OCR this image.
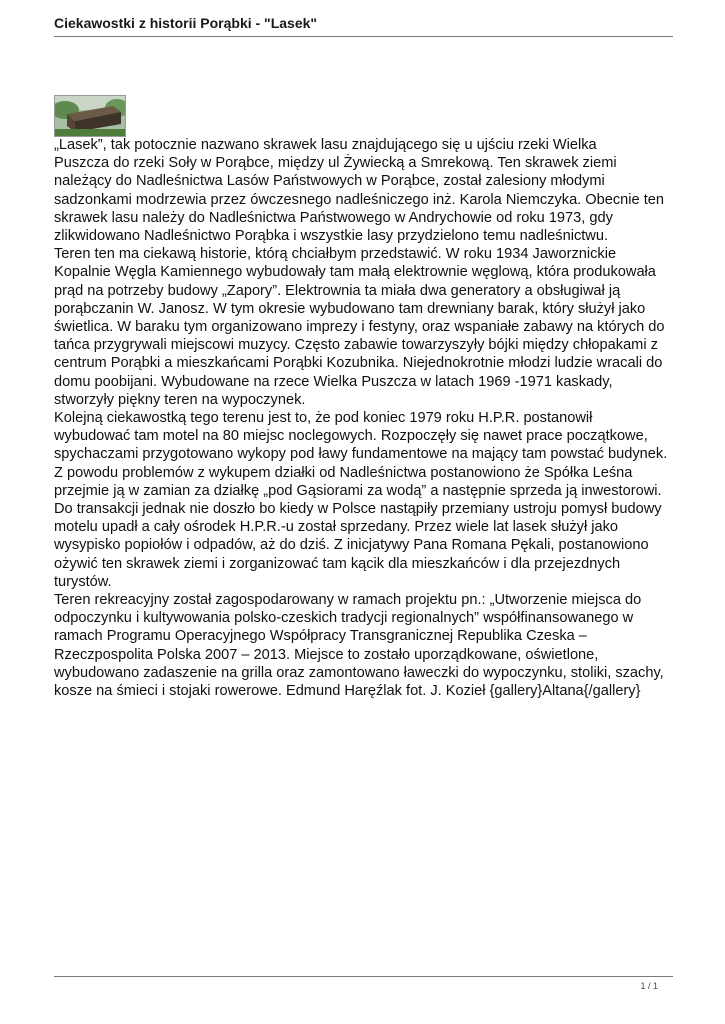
Ciekawostki z historii Porąbki - "Lasek"
„Lasek”, tak potocznie nazwano skrawek lasu znajdującego się u ujściu rzeki Wielka
Puszcza do rzeki Soły w Porąbce, między ul Żywiecką a Smrekową. Ten skrawek ziemi
należący do Nadleśnictwa Lasów Państwowych w Porąbce, został zalesiony młodymi
sadzonkami modrzewia przez ówczesnego nadleśniczego inż. Karola Niemczyka. Obecnie ten
skrawek lasu należy do Nadleśnictwa Państwowego w Andrychowie od roku 1973, gdy
zlikwidowano Nadleśnictwo Porąbka i wszystkie lasy przydzielono temu nadleśnictwu.
Teren ten ma ciekawą historie, którą chciałbym przedstawić. W roku 1934 Jaworznickie
Kopalnie Węgla Kamiennego wybudowały tam małą elektrownie węglową, która produkowała
prąd na potrzeby budowy „Zapory”. Elektrownia ta miała dwa generatory a obsługiwał ją
porąbczanin W. Janosz. W tym okresie wybudowano tam drewniany barak, który służył jako
świetlica. W baraku tym organizowano imprezy i festyny, oraz wspaniałe zabawy na których do
tańca przygrywali miejscowi muzycy. Często zabawie towarzyszyły bójki między chłopakami z
centrum Porąbki a mieszkańcami Porąbki Kozubnika. Niejednokrotnie młodzi ludzie wracali do
domu poobijani. Wybudowane na rzece Wielka Puszcza w latach 1969 -1971 kaskady,
stworzyły piękny teren na wypoczynek.
Kolejną ciekawostką tego terenu jest to, że pod koniec 1979 roku H.P.R. postanowił
wybudować tam motel na 80 miejsc noclegowych. Rozpoczęły się nawet prace początkowe,
spychaczami przygotowano wykopy pod ławy fundamentowe na mający tam powstać budynek.
Z powodu problemów z wykupem działki od Nadleśnictwa postanowiono że Spółka Leśna
przejmie ją w zamian za działkę „pod Gąsiorami za wodą” a następnie sprzeda ją inwestorowi.
Do transakcji jednak nie doszło bo kiedy w Polsce nastąpiły przemiany ustroju pomysł budowy
motelu upadł a cały ośrodek H.P.R.-u został sprzedany. Przez wiele lat lasek służył jako
wysypisko popiołów i odpadów, aż do dziś. Z inicjatywy Pana Romana Pękali, postanowiono
ożywić ten skrawek ziemi i zorganizować tam kącik dla mieszkańców i dla przejezdnych
turystów.
Teren rekreacyjny został zagospodarowany w ramach projektu pn.: „Utworzenie miejsca do
odpoczynku i kultywowania polsko-czeskich tradycji regionalnych” współfinansowanego w
ramach Programu Operacyjnego Współpracy Transgranicznej Republika Czeska –
Rzeczpospolita Polska 2007 – 2013. Miejsce to zostało uporządkowane, oświetlone,
wybudowano zadaszenie na grilla oraz zamontowano ławeczki do wypoczynku, stoliki, szachy,
kosze na śmieci i stojaki rowerowe. Edmund Haręźlak fot. J. Kozieł {gallery}Altana{/gallery}
1 / 1
